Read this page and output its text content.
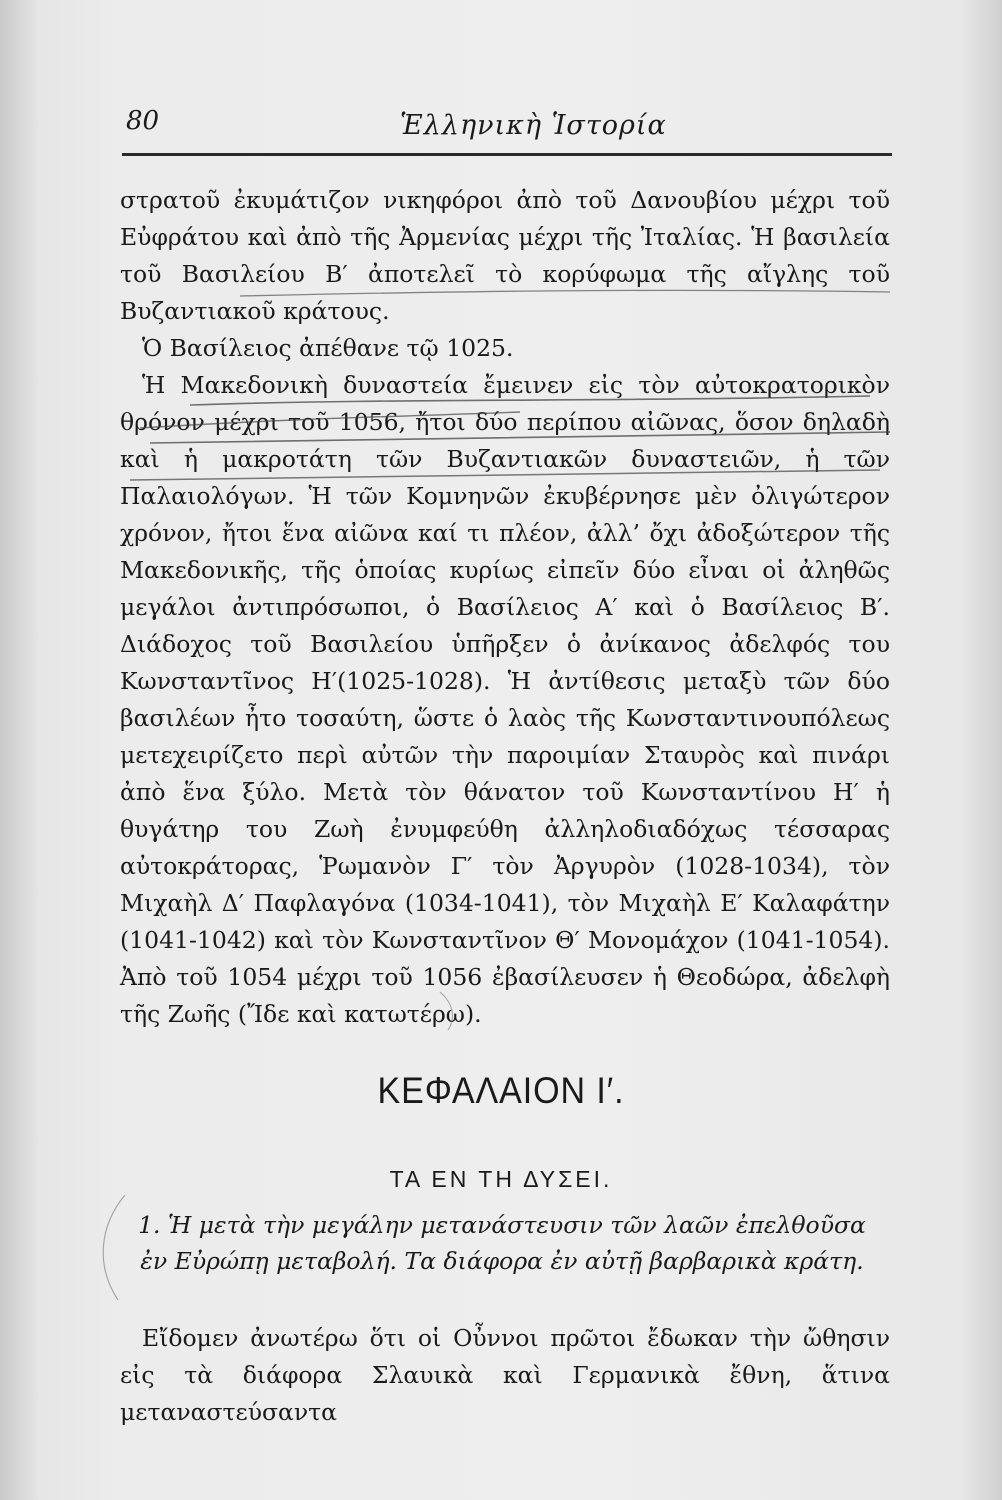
80	Ἑλληνικὴ Ἱστορία

στρατοῦ ἐκυμάτιζον νικηφόροι ἀπὸ τοῦ Δανουβίου μέχρι τοῦ Εὐφράτου καὶ ἀπὸ τῆς Ἀρμενίας μέχρι τῆς Ἰταλίας. Ἡ βασιλεία τοῦ Βασιλείου Β′ ἀποτελεῖ τὸ κορύφωμα τῆς αἴγλης τοῦ Βυζαντιακοῦ κράτους.

Ὁ Βασίλειος ἀπέθανε τῷ 1025.

Ἡ Μακεδονικὴ δυναστεία ἔμεινεν εἰς τὸν αὐτοκρατορικὸν θρόνον μέχρι τοῦ 1056, ἤτοι δύο περίπου αἰῶνας, ὅσον δηλαδὴ καὶ ἡ μακροτάτη τῶν Βυζαντιακῶν δυναστειῶν, ἡ τῶν Παλαιολόγων. Ἡ τῶν Κομνηνῶν ἐκυβέρνησε μὲν ὀλιγώτερον χρόνον, ἤτοι ἕνα αἰῶνα καί τι πλέον, ἀλλ’ ὄχι ἀδοξώτερον τῆς Μακεδονικῆς, τῆς ὁποίας κυρίως εἰπεῖν δύο εἶναι οἱ ἀληθῶς μεγάλοι ἀντιπρόσωποι, ὁ Βασίλειος Α′ καὶ ὁ Βασίλειος Β′. Διάδοχος τοῦ Βασιλείου ὑπῆρξεν ὁ ἀνίκανος ἀδελφός του Κωνσταντῖνος Η′(1025-1028). Ἡ ἀντίθεσις μεταξὺ τῶν δύο βασιλέων ἦτο τοσαύτη, ὥστε ὁ λαὸς τῆς Κωνσταντινουπόλεως μετεχειρίζετο περὶ αὐτῶν τὴν παροιμίαν Σταυρὸς καὶ πινάρι ἀπὸ ἕνα ξύλο. Μετὰ τὸν θάνατον τοῦ Κωνσταντίνου Η′ ἡ θυγάτηρ του Ζωὴ ἐνυμφεύθη ἀλληλοδιαδόχως τέσσαρας αὐτοκράτορας, Ῥωμανὸν Γ′ τὸν Ἀργυρὸν (1028-1034), τὸν Μιχαὴλ Δ′ Παφλαγόνα (1034-1041), τὸν Μιχαὴλ Ε′ Καλαφάτην (1041-1042) καὶ τὸν Κωνσταντῖνον Θ′ Μονομάχον (1041-1054). Ἀπὸ τοῦ 1054 μέχρι τοῦ 1056 ἐβασίλευσεν ἡ Θεοδώρα, ἀδελφὴ τῆς Ζωῆς (Ἴδε καὶ κατωτέρω).

ΚΕΦΑΛΑΙΟΝ Ι′.
ΤΑ ΕΝ ΤΗ ΔΥΣΕΙ.
1. Ἡ μετὰ τὴν μεγάλην μετανάστευσιν τῶν λαῶν ἐπελθοῦσα ἐν Εὐρώπῃ μεταβολή. Τα διάφορα ἐν αὐτῇ βαρβαρικὰ κράτη.
Εἴδομεν ἀνωτέρω ὅτι οἱ Οὖννοι πρῶτοι ἔδωκαν τὴν ὤθησιν εἰς τὰ διάφορα Σλαυικὰ καὶ Γερμανικὰ ἔθνη, ἅτινα μεταναστεύσαντα
